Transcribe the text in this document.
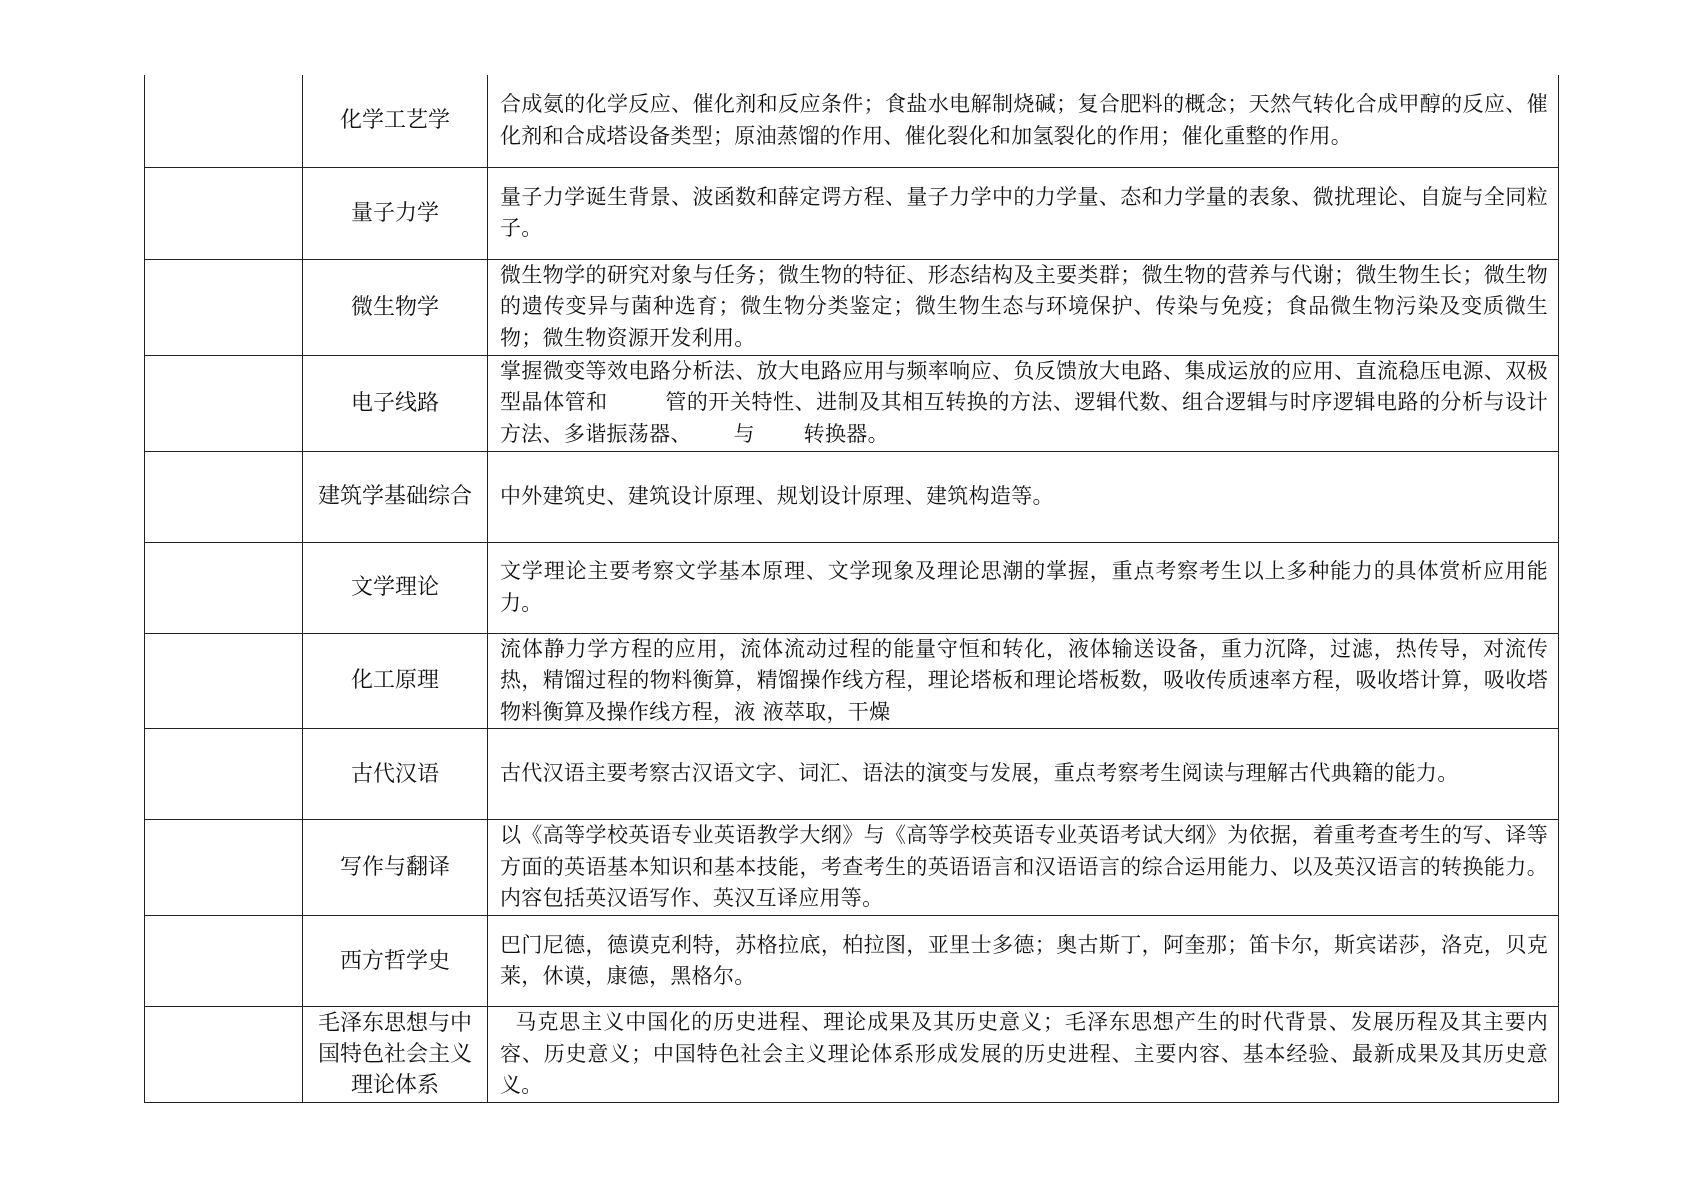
	化学工艺学	合成氨的化学反应、催化剂和反应条件；食盐水电解制烧碱；复合肥料的概念；天然气转化合成甲醇的反应、催化剂和合成塔设备类型；原油蒸馏的作用、催化裂化和加氢裂化的作用；催化重整的作用。
	量子力学	量子力学诞生背景、波函数和薛定谔方程、量子力学中的力学量、态和力学量的表象、微扰理论、自旋与全同粒子。
	微生物学	微生物学的研究对象与任务；微生物的特征、形态结构及主要类群；微生物的营养与代谢；微生物生长；微生物的遗传变异与菌种选育；微生物分类鉴定；微生物生态与环境保护、传染与免疫；食品微生物污染及变质微生物；微生物资源开发利用。
	电子线路	掌握微变等效电路分析法、放大电路应用与频率响应、负反馈放大电路、集成运放的应用、直流稳压电源、双极型晶体管和        管的开关特性、进制及其相互转换的方法、逻辑代数、组合逻辑与时序逻辑电路的分析与设计方法、多谐振荡器、      与       转换器。
	建筑学基础综合	中外建筑史、建筑设计原理、规划设计原理、建筑构造等。
	文学理论	文学理论主要考察文学基本原理、文学现象及理论思潮的掌握，重点考察考生以上多种能力的具体赏析应用能力。
	化工原理	流体静力学方程的应用，流体流动过程的能量守恒和转化，液体输送设备，重力沉降，过滤，热传导，对流传热，精馏过程的物料衡算，精馏操作线方程，理论塔板和理论塔板数，吸收传质速率方程，吸收塔计算，吸收塔物料衡算及操作线方程，液 液萃取，干燥
	古代汉语	古代汉语主要考察古汉语文字、词汇、语法的演变与发展，重点考察考生阅读与理解古代典籍的能力。
	写作与翻译	以《高等学校英语专业英语教学大纲》与《高等学校英语专业英语考试大纲》为依据，着重考查考生的写、译等方面的英语基本知识和基本技能，考查考生的英语语言和汉语语言的综合运用能力、以及英汉语言的转换能力。内容包括英汉语写作、英汉互译应用等。
	西方哲学史	巴门尼德，德谟克利特，苏格拉底，柏拉图，亚里士多德；奥古斯丁，阿奎那；笛卡尔，斯宾诺莎，洛克，贝克莱，休谟，康德，黑格尔。
	毛泽东思想与中国特色社会主义理论体系	马克思主义中国化的历史进程、理论成果及其历史意义；毛泽东思想产生的时代背景、发展历程及其主要内容、历史意义；中国特色社会主义理论体系形成发展的历史进程、主要内容、基本经验、最新成果及其历史意义。
